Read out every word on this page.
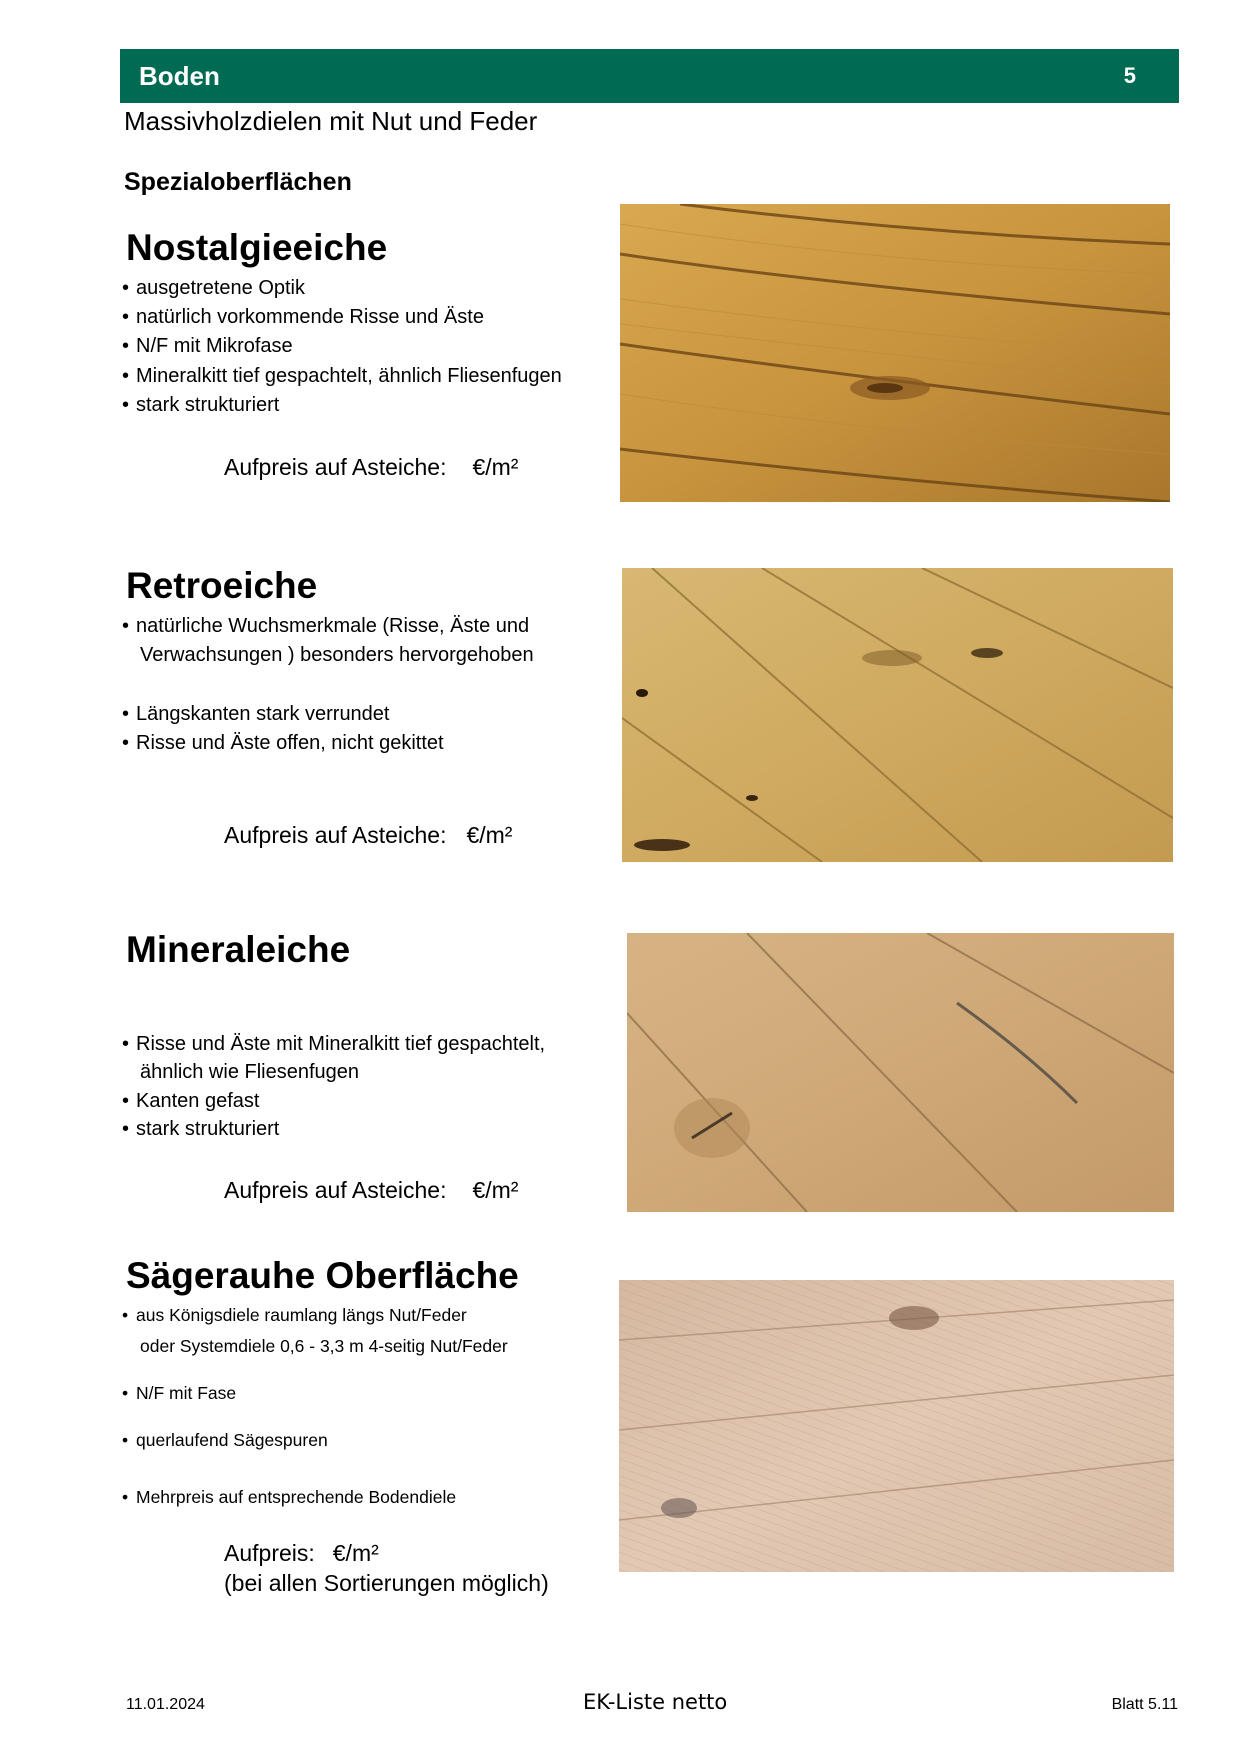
Boden	5
Massivholzdielen mit Nut und Feder
Spezialoberflächen
Nostalgieeiche
• ausgetretene Optik
• natürlich vorkommende Risse und Äste
• N/F mit Mikrofase
• Mineralkitt tief gespachtelt, ähnlich Fliesenfugen
• stark strukturiert
Aufpreis auf Asteiche: €/m²
Retroeiche
• natürliche Wuchsmerkmale (Risse, Äste und
Verwachsungen ) besonders hervorgehoben
• Längskanten stark verrundet
• Risse und Äste offen, nicht gekittet
Aufpreis auf Asteiche: €/m²
Mineraleiche
• Risse und Äste mit Mineralkitt tief gespachtelt,
ähnlich wie Fliesenfugen
• Kanten gefast
• stark strukturiert
Aufpreis auf Asteiche: €/m²
Sägerauhe Oberfläche
• aus Königsdiele raumlang längs Nut/Feder
oder Systemdiele 0,6 - 3,3 m 4-seitig Nut/Feder
• N/F mit Fase
• querlaufend Sägespuren
• Mehrpreis auf entsprechende Bodendiele
Aufpreis: €/m²
(bei allen Sortierungen möglich)
11.01.2024	EK-Liste netto	Blatt 5.11
